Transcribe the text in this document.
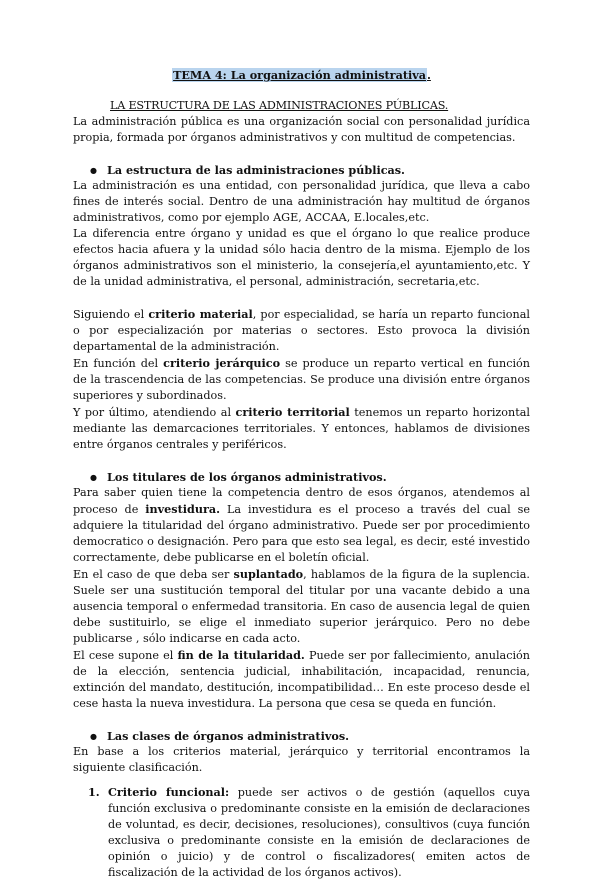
TEMA 4: La organización administrativa.
LA ESTRUCTURA DE LAS ADMINISTRACIONES PÚBLICAS.

La administración pública es una organización social con personalidad jurídica propia, formada por órganos administrativos y con multitud de competencias.

● La estructura de las administraciones públicas.

La administración es una entidad, con personalidad jurídica, que lleva a cabo fines de interés social. Dentro de una administración hay multitud de órganos administrativos, como por ejemplo AGE, ACCAA, E.locales,etc.

La diferencia entre órgano y unidad es que el órgano lo que realice produce efectos hacia afuera y la unidad sólo hacia dentro de la misma. Ejemplo de los órganos administrativos son el ministerio, la consejería,el ayuntamiento,etc. Y de la unidad administrativa, el personal, administración, secretaria,etc.

Siguiendo el criterio material, por especialidad, se haría un reparto funcional o por especialización por materias o sectores. Esto provoca la división departamental de la administración.

En función del criterio jerárquico se produce un reparto vertical en función de la trascendencia de las competencias. Se produce una división entre órganos superiores y subordinados.

Y por último, atendiendo al criterio territorial tenemos un reparto horizontal mediante las demarcaciones territoriales. Y entonces, hablamos de divisiones entre órganos centrales y periféricos.

● Los titulares de los órganos administrativos.

Para saber quien tiene la competencia dentro de esos órganos, atendemos al proceso de investidura. La investidura es el proceso a través del cual se adquiere la titularidad del órgano administrativo. Puede ser por procedimiento democratico o designación. Pero para que esto sea legal, es decir, esté investido correctamente, debe publicarse en el boletín oficial.

En el caso de que deba ser suplantado, hablamos de la figura de la suplencia. Suele ser una sustitución temporal del titular por una vacante debido a una ausencia temporal o enfermedad transitoria. En caso de ausencia legal de quien debe sustituirlo, se elige el inmediato superior jerárquico. Pero no debe publicarse , sólo indicarse en cada acto.

El cese supone el fin de la titularidad. Puede ser por fallecimiento, anulación de la elección, sentencia judicial, inhabilitación, incapacidad, renuncia, extinción del mandato, destitución, incompatibilidad… En este proceso desde el cese hasta la nueva investidura. La persona que cesa se queda en función.

● Las clases de órganos administrativos.

En base a los criterios material, jerárquico y territorial encontramos la siguiente clasificación.

1. Criterio funcional: puede ser activos o de gestión (aquellos cuya función exclusiva o predominante consiste en la emisión de declaraciones de voluntad, es decir, decisiones, resoluciones), consultivos (cuya función exclusiva o predominante consiste en la emisión de declaraciones de opinión o juicio) y de control o fiscalizadores( emiten actos de fiscalización de la actividad de los órganos activos).
